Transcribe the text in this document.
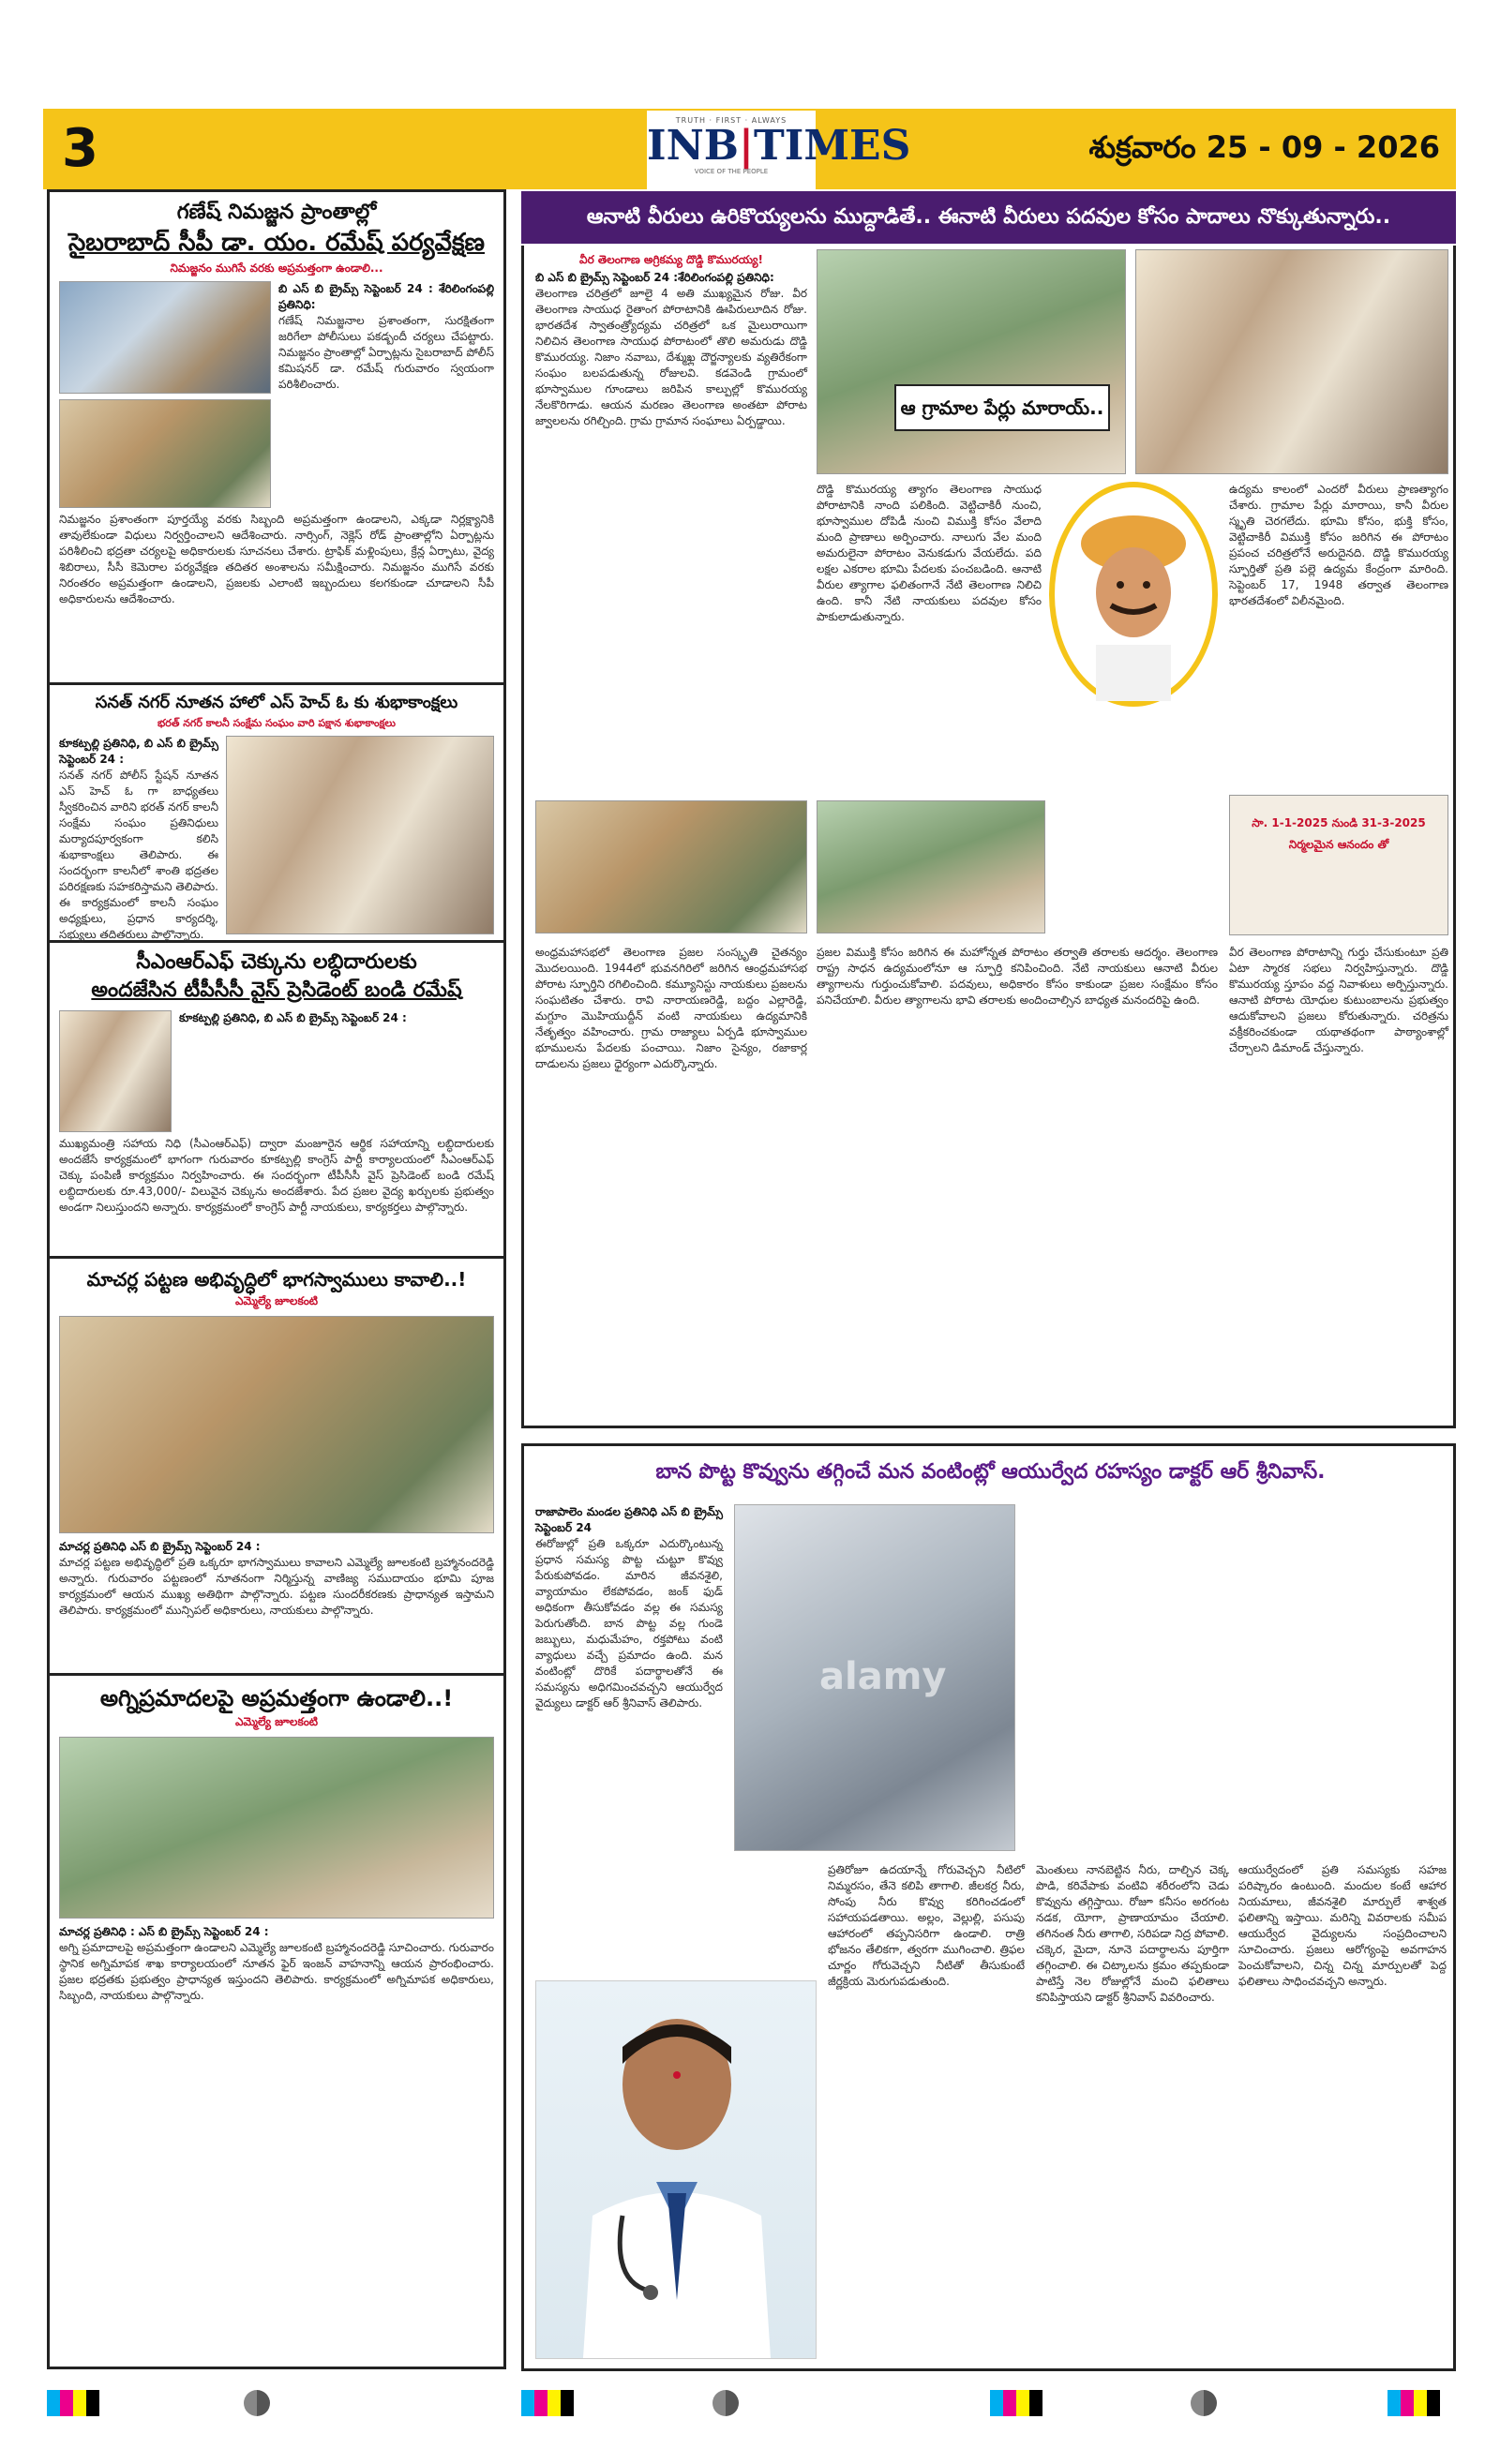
3	TRUTH · FIRST · ALWAYS
INB|TIMES
VOICE OF THE PEOPLE
శుక్రవారం 25 - 09 - 2026
గణేష్ నిమజ్జన ప్రాంతాల్లో
సైబరాబాద్ సీపీ డా. యం. రమేష్ పర్యవేక్షణ
నిమజ్జనం ముగిసే వరకు అప్రమత్తంగా ఉండాలి...
బి ఎస్ బి బ్రైమ్స్ సెప్టెంబర్ 24 : శేరిలింగంపల్లి ప్రతినిధి:
గణేష్ నిమజ్జనాల ప్రశాంతంగా, సురక్షితంగా జరిగేలా పోలీసులు పకడ్బందీ చర్యలు చేపట్టారు. నిమజ్జనం ప్రాంతాల్లో ఏర్పాట్లను సైబరాబాద్ పోలీస్ కమిషనర్ డా. రమేష్ గురువారం స్వయంగా పరిశీలించారు.
నిమజ్జనం ప్రశాంతంగా పూర్తయ్యే వరకు సిబ్బంది అప్రమత్తంగా ఉండాలని, ఎక్కడా నిర్లక్ష్యానికి తావులేకుండా విధులు నిర్వర్తించాలని ఆదేశించారు. నార్సింగ్, నెక్లెస్ రోడ్ ప్రాంతాల్లోని ఏర్పాట్లను పరిశీలించి భద్రతా చర్యలపై అధికారులకు సూచనలు చేశారు. ట్రాఫిక్ మళ్లింపులు, క్రేన్ల ఏర్పాటు, వైద్య శిబిరాలు, సీసీ కెమెరాల పర్యవేక్షణ తదితర అంశాలను సమీక్షించారు. నిమజ్జనం ముగిసే వరకు నిరంతరం అప్రమత్తంగా ఉండాలని, ప్రజలకు ఎలాంటి ఇబ్బందులు కలగకుండా చూడాలని సీపీ అధికారులను ఆదేశించారు.
సనత్ నగర్ నూతన హాలో ఎస్ హెచ్ ఓ కు శుభాకాంక్షలు
భరత్ నగర్ కాలనీ సంక్షేమ సంఘం వారి పక్షాన శుభాకాంక్షలు
కూకట్పల్లి ప్రతినిధి, బి ఎస్ బి బ్రైమ్స్ సెప్టెంబర్ 24 :
సనత్ నగర్ పోలీస్ స్టేషన్ నూతన ఎస్ హెచ్ ఓ గా బాధ్యతలు స్వీకరించిన వారిని భరత్ నగర్ కాలనీ సంక్షేమ సంఘం ప్రతినిధులు మర్యాదపూర్వకంగా కలిసి శుభాకాంక్షలు తెలిపారు. ఈ సందర్భంగా కాలనీలో శాంతి భద్రతల పరిరక్షణకు సహకరిస్తామని తెలిపారు. ఈ కార్యక్రమంలో కాలనీ సంఘం అధ్యక్షులు, ప్రధాన కార్యదర్శి, సభ్యులు తదితరులు పాల్గొన్నారు.
సీఎంఆర్ఎఫ్ చెక్కును లబ్ధిదారులకు
అందజేసిన టీపీసీసీ వైస్ ప్రెసిడెంట్ బండి రమేష్
కూకట్పల్లి ప్రతినిధి, బి ఎస్ బి బ్రైమ్స్ సెప్టెంబర్ 24 :
ముఖ్యమంత్రి సహాయ నిధి (సీఎంఆర్ఎఫ్) ద్వారా మంజూరైన ఆర్థిక సహాయాన్ని లబ్ధిదారులకు అందజేసే కార్యక్రమంలో భాగంగా గురువారం కూకట్పల్లి కాంగ్రెస్ పార్టీ కార్యాలయంలో సీఎంఆర్ఎఫ్ చెక్కు పంపిణీ కార్యక్రమం నిర్వహించారు. ఈ సందర్భంగా టీపీసీసీ వైస్ ప్రెసిడెంట్ బండి రమేష్ లబ్ధిదారులకు రూ.43,000/- విలువైన చెక్కును అందజేశారు. పేద ప్రజల వైద్య ఖర్చులకు ప్రభుత్వం అండగా నిలుస్తుందని అన్నారు. కార్యక్రమంలో కాంగ్రెస్ పార్టీ నాయకులు, కార్యకర్తలు పాల్గొన్నారు.
మాచర్ల పట్టణ అభివృద్ధిలో భాగస్వాములు కావాలి..!
ఎమ్మెల్యే జూలకంటి
మాచర్ల ప్రతినిధి ఎస్ బి బ్రైమ్స్ సెప్టెంబర్ 24 :
మాచర్ల పట్టణ అభివృద్ధిలో ప్రతి ఒక్కరూ భాగస్వాములు కావాలని ఎమ్మెల్యే జూలకంటి బ్రహ్మానందరెడ్డి అన్నారు. గురువారం పట్టణంలో నూతనంగా నిర్మిస్తున్న వాణిజ్య సముదాయం భూమి పూజ కార్యక్రమంలో ఆయన ముఖ్య అతిథిగా పాల్గొన్నారు. పట్టణ సుందరీకరణకు ప్రాధాన్యత ఇస్తామని తెలిపారు. కార్యక్రమంలో మున్సిపల్ అధికారులు, నాయకులు పాల్గొన్నారు.
అగ్నిప్రమాదలపై అప్రమత్తంగా ఉండాలి..!
ఎమ్మెల్యే జూలకంటి
మాచర్ల ప్రతినిధి : ఎస్ బి బ్రైమ్స్ సెప్టెంబర్ 24 :
అగ్ని ప్రమాదాలపై అప్రమత్తంగా ఉండాలని ఎమ్మెల్యే జూలకంటి బ్రహ్మానందరెడ్డి సూచించారు. గురువారం స్థానిక అగ్నిమాపక శాఖ కార్యాలయంలో నూతన ఫైర్ ఇంజన్ వాహనాన్ని ఆయన ప్రారంభించారు. ప్రజల భద్రతకు ప్రభుత్వం ప్రాధాన్యత ఇస్తుందని తెలిపారు. కార్యక్రమంలో అగ్నిమాపక అధికారులు, సిబ్బంది, నాయకులు పాల్గొన్నారు.
ఆనాటి వీరులు ఉరికొయ్యలను ముద్దాడితే.. ఈనాటి వీరులు పదవుల కోసం పాదాలు నొక్కుతున్నారు..
వీర తెలంగాణ అగ్రికమ్య దొడ్డి కొమురయ్య!
బి ఎస్ బి బ్రైమ్స్ సెప్టెంబర్ 24 :శేరిలింగంపల్లి ప్రతినిధి:
తెలంగాణ చరిత్రలో జూలై 4 అతి ముఖ్యమైన రోజు. వీర తెలంగాణ సాయుధ రైతాంగ పోరాటానికి ఊపిరులూదిన రోజు. భారతదేశ స్వాతంత్ర్యోద్యమ చరిత్రలో ఒక మైలురాయిగా నిలిచిన తెలంగాణ సాయుధ పోరాటంలో తొలి అమరుడు దొడ్డి కొమురయ్య. నిజాం నవాబు, దేశ్ముఖ్ల దౌర్జన్యాలకు వ్యతిరేకంగా సంఘం బలపడుతున్న రోజులవి. కడవెండి గ్రామంలో భూస్వాముల గూండాలు జరిపిన కాల్పుల్లో కొమురయ్య నేలకొరిగాడు. ఆయన మరణం తెలంగాణ అంతటా పోరాట జ్వాలలను రగిల్చింది. గ్రామ గ్రామాన సంఘాలు ఏర్పడ్డాయి.
ఆ గ్రామాల పేర్లు మారాయ్..
దొడ్డి కొమురయ్య త్యాగం తెలంగాణ సాయుధ పోరాటానికి నాంది పలికింది. వెట్టిచాకిరీ నుంచి, భూస్వాముల దోపిడీ నుంచి విముక్తి కోసం వేలాది మంది ప్రాణాలు అర్పించారు. నాలుగు వేల మంది అమరులైనా పోరాటం వెనుకడుగు వేయలేదు. పది లక్షల ఎకరాల భూమి పేదలకు పంచబడింది. ఆనాటి వీరుల త్యాగాల ఫలితంగానే నేటి తెలంగాణ నిలిచి ఉంది. కానీ నేటి నాయకులు పదవుల కోసం పాకులాడుతున్నారు.
ఉద్యమ కాలంలో ఎందరో వీరులు ప్రాణత్యాగం చేశారు. గ్రామాల పేర్లు మారాయి, కానీ వీరుల స్మృతి చెరగలేదు. భూమి కోసం, భుక్తి కోసం, వెట్టిచాకిరీ విముక్తి కోసం జరిగిన ఈ పోరాటం ప్రపంచ చరిత్రలోనే అరుదైనది. దొడ్డి కొమురయ్య స్ఫూర్తితో ప్రతి పల్లె ఉద్యమ కేంద్రంగా మారింది. సెప్టెంబర్ 17, 1948 తర్వాత తెలంగాణ భారతదేశంలో విలీనమైంది.
సా. 1-1-2025 నుండి 31-3-2025
నిర్మలమైన ఆనందం తో
అంధ్రమహాసభలో తెలంగాణ ప్రజల సంస్కృతి చైతన్యం మొదలయింది. 1944లో భువనగిరిలో జరిగిన ఆంధ్రమహాసభ పోరాట స్ఫూర్తిని రగిలించింది. కమ్యూనిస్టు నాయకులు ప్రజలను సంఘటితం చేశారు. రావి నారాయణరెడ్డి, బద్దం ఎల్లారెడ్డి, మగ్దూం మొహియుద్దీన్ వంటి నాయకులు ఉద్యమానికి నేతృత్వం వహించారు. గ్రామ రాజ్యాలు ఏర్పడి భూస్వాముల భూములను పేదలకు పంచాయి. నిజాం సైన్యం, రజాకార్ల దాడులను ప్రజలు ధైర్యంగా ఎదుర్కొన్నారు.
ప్రజల విముక్తి కోసం జరిగిన ఈ మహోన్నత పోరాటం తర్వాతి తరాలకు ఆదర్శం. తెలంగాణ రాష్ట్ర సాధన ఉద్యమంలోనూ ఆ స్ఫూర్తి కనిపించింది. నేటి నాయకులు ఆనాటి వీరుల త్యాగాలను గుర్తుంచుకోవాలి. పదవులు, అధికారం కోసం కాకుండా ప్రజల సంక్షేమం కోసం పనిచేయాలి. వీరుల త్యాగాలను భావి తరాలకు అందించాల్సిన బాధ్యత మనందరిపై ఉంది.
వీర తెలంగాణ పోరాటాన్ని గుర్తు చేసుకుంటూ ప్రతి ఏటా స్మారక సభలు నిర్వహిస్తున్నారు. దొడ్డి కొమురయ్య స్తూపం వద్ద నివాళులు అర్పిస్తున్నారు. ఆనాటి పోరాట యోధుల కుటుంబాలను ప్రభుత్వం ఆదుకోవాలని ప్రజలు కోరుతున్నారు. చరిత్రను వక్రీకరించకుండా యథాతథంగా పాఠ్యాంశాల్లో చేర్చాలని డిమాండ్ చేస్తున్నారు.
బాన పొట్ట కొవ్వును తగ్గించే మన వంటింట్లో ఆయుర్వేద రహస్యం డాక్టర్ ఆర్ శ్రీనివాస్.
రాజాపాలెం మండల ప్రతినిధి ఎస్ బి బ్రైమ్స్ సెప్టెంబర్ 24
ఈరోజుల్లో ప్రతి ఒక్కరూ ఎదుర్కొంటున్న ప్రధాన సమస్య పొట్ట చుట్టూ కొవ్వు పేరుకుపోవడం. మారిన జీవనశైలి, వ్యాయామం లేకపోవడం, జంక్ ఫుడ్ అధికంగా తీసుకోవడం వల్ల ఈ సమస్య పెరుగుతోంది. బాన పొట్ట వల్ల గుండె జబ్బులు, మధుమేహం, రక్తపోటు వంటి వ్యాధులు వచ్చే ప్రమాదం ఉంది. మన వంటింట్లో దొరికే పదార్థాలతోనే ఈ సమస్యను అధిగమించవచ్చని ఆయుర్వేద వైద్యులు డాక్టర్ ఆర్ శ్రీనివాస్ తెలిపారు.
alamy
ప్రతిరోజూ ఉదయాన్నే గోరువెచ్చని నీటిలో నిమ్మరసం, తేనె కలిపి తాగాలి. జీలకర్ర నీరు, సోంపు నీరు కొవ్వు కరిగించడంలో సహాయపడతాయి. అల్లం, వెల్లుల్లి, పసుపు ఆహారంలో తప్పనిసరిగా ఉండాలి. రాత్రి భోజనం తేలికగా, త్వరగా ముగించాలి. త్రిఫల చూర్ణం గోరువెచ్చని నీటితో తీసుకుంటే జీర్ణక్రియ మెరుగుపడుతుంది.
మెంతులు నానబెట్టిన నీరు, దాల్చిన చెక్క పొడి, కరివేపాకు వంటివి శరీరంలోని చెడు కొవ్వును తగ్గిస్తాయి. రోజూ కనీసం అరగంట నడక, యోగా, ప్రాణాయామం చేయాలి. తగినంత నీరు తాగాలి, సరిపడా నిద్ర పోవాలి. చక్కెర, మైదా, నూనె పదార్థాలను పూర్తిగా తగ్గించాలి. ఈ చిట్కాలను క్రమం తప్పకుండా పాటిస్తే నెల రోజుల్లోనే మంచి ఫలితాలు కనిపిస్తాయని డాక్టర్ శ్రీనివాస్ వివరించారు.
ఆయుర్వేదంలో ప్రతి సమస్యకు సహజ పరిష్కారం ఉంటుంది. మందుల కంటే ఆహార నియమాలు, జీవనశైలి మార్పులే శాశ్వత ఫలితాన్ని ఇస్తాయి. మరిన్ని వివరాలకు సమీప ఆయుర్వేద వైద్యులను సంప్రదించాలని సూచించారు. ప్రజలు ఆరోగ్యంపై అవగాహన పెంచుకోవాలని, చిన్న చిన్న మార్పులతో పెద్ద ఫలితాలు సాధించవచ్చని అన్నారు.
